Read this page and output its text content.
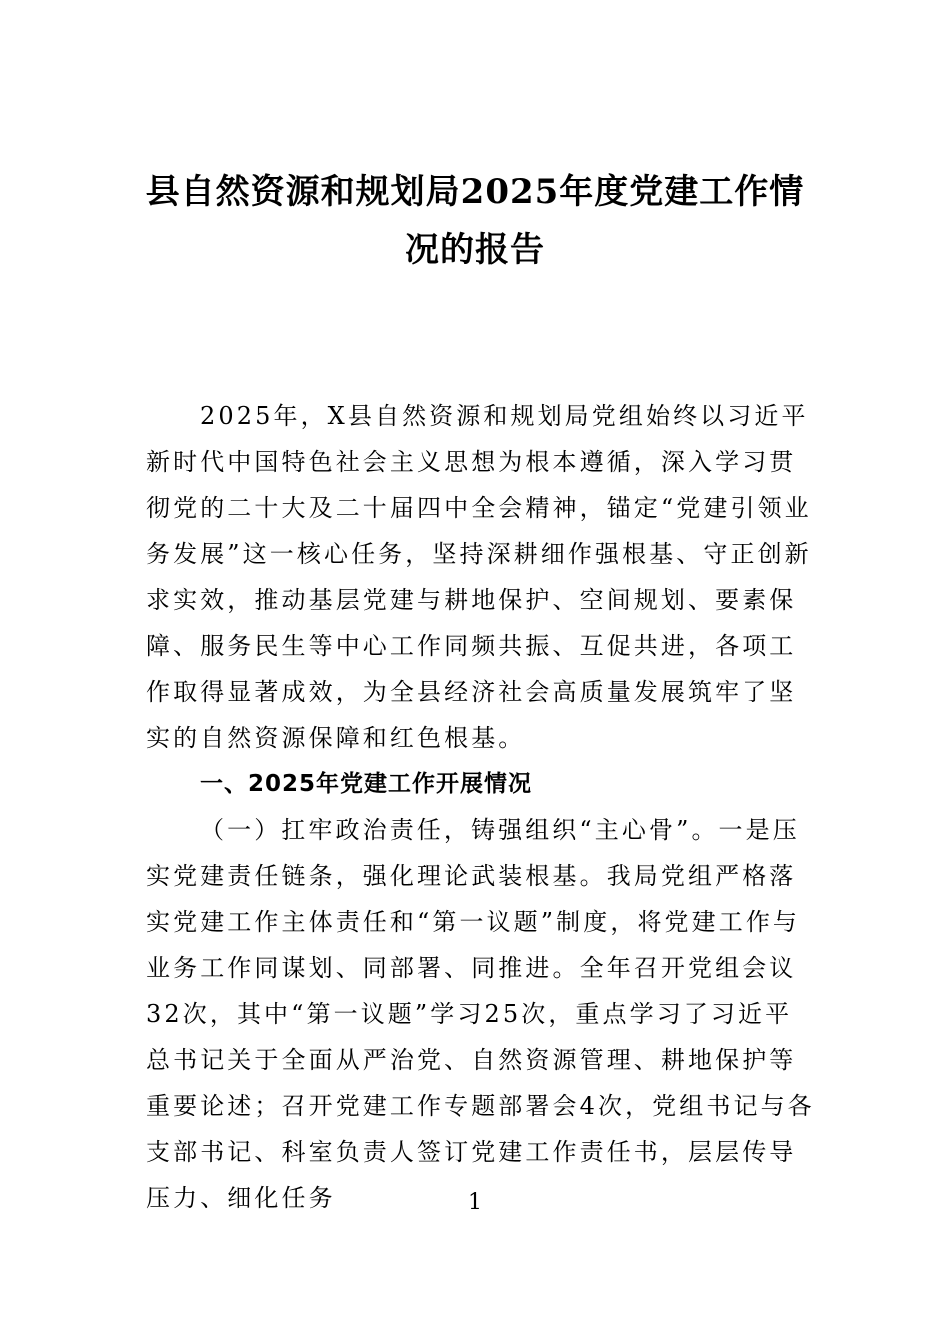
县自然资源和规划局2025年度党建工作情
况的报告

2025年，X县自然资源和规划局党组始终以习近平新时代中国特色社会主义思想为根本遵循，深入学习贯彻党的二十大及二十届四中全会精神，锚定“党建引领业务发展”这一核心任务，坚持深耕细作强根基、守正创新求实效，推动基层党建与耕地保护、空间规划、要素保障、服务民生等中心工作同频共振、互促共进，各项工作取得显著成效，为全县经济社会高质量发展筑牢了坚实的自然资源保障和红色根基。

一、2025年党建工作开展情况

（一）扛牢政治责任，铸强组织“主心骨”。一是压实党建责任链条，强化理论武装根基。我局党组严格落实党建工作主体责任和“第一议题”制度，将党建工作与业务工作同谋划、同部署、同推进。全年召开党组会议32次，其中“第一议题”学习25次，重点学习了习近平总书记关于全面从严治党、自然资源管理、耕地保护等重要论述；召开党建工作专题部署会4次，党组书记与各支部书记、科室负责人签订党建工作责任书，层层传导压力、细化任务	1
